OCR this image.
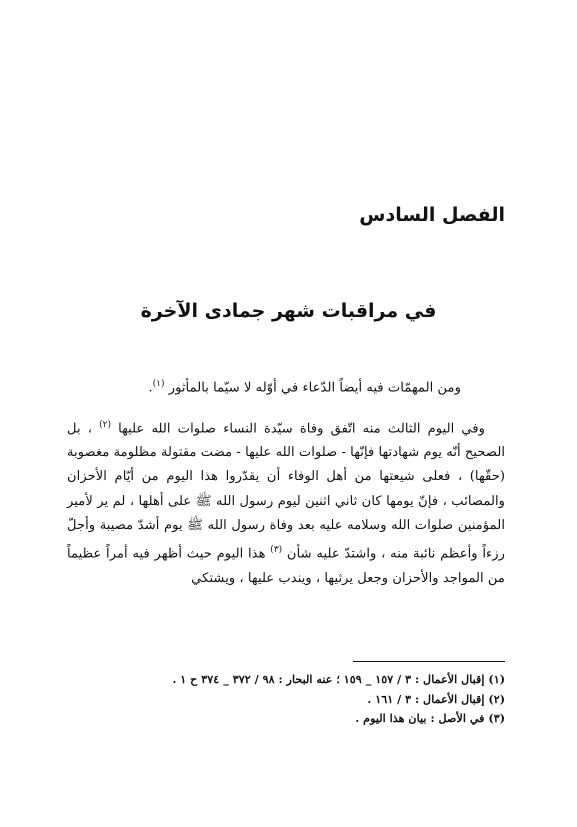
الفصل السادس
في مراقبات شهر جمادى الآخرة

ومن المهمّات فيه أيضاً الدّعاء في أوّله لا سيّما بالمأثور $^{(١)}$.

وفي اليوم الثالث منه اتّفق وفاة سيّدة النساء صلوات الله عليها $^{(٢)}$ ، بل الصحيح أنّه يوم شهادتها فإنّها - صلوات الله عليها - مضت مقتولة مظلومة مغصوبة (حقّها) ، فعلى شيعتها من أهل الوفاء أن يقدّروا هذا اليوم من أيّام الأحزان والمصائب ، فإنّ يومها كان ثاني اثنين ليوم رسول الله ﷺ على أهلها ، لم ير لأمير المؤمنين صلوات الله وسلامه عليه بعد وفاة رسول الله ﷺ يوم أشدّ مصيبة وأجلّ رزءاً وأعظم نائبة منه ، واشتدّ عليه شأن $^{(٣)}$ هذا اليوم حيث أظهر فيه أمراً عظيماً من المواجد والأحزان وجعل يرثيها ، ويندب عليها ، ويشتكي

(١) إقبال الأعمال : ٣ / ١٥٧ _ ١٥٩ ؛ عنه البحار : ٩٨ / ٣٧٢ _ ٣٧٤ ح ١ .
(٢) إقبال الأعمال : ٣ / ١٦١ .
(٣) في الأصل : بيان هذا اليوم .
